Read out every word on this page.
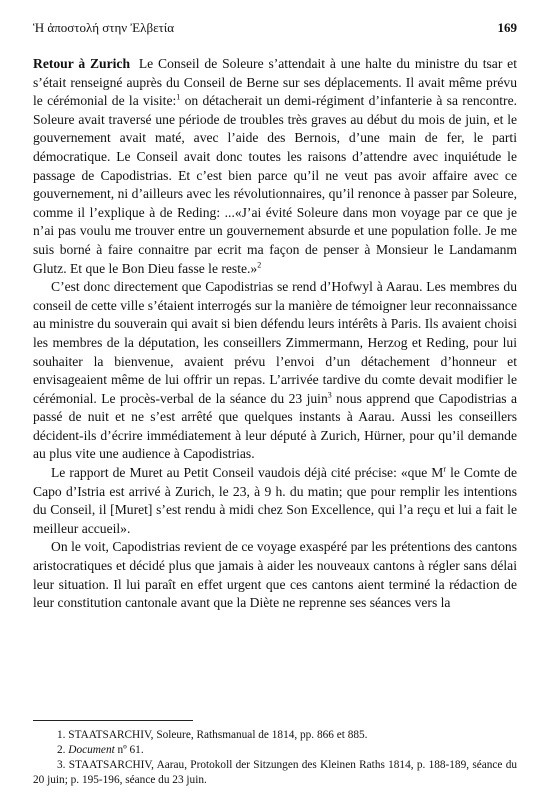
Ἡ ἀποστολή στην Ἐλβετία	169

Retour à Zurich Le Conseil de Soleure s’attendait à une halte du ministre du tsar et s’était renseigné auprès du Conseil de Berne sur ses déplacements. Il avait même prévu le cérémonial de la visite:$^1$ on détacherait un demi-régiment d’infanterie à sa rencontre. Soleure avait traversé une période de troubles très graves au début du mois de juin, et le gouvernement avait maté, avec l’aide des Bernois, d’une main de fer, le parti démocratique. Le Conseil avait donc toutes les raisons d’attendre avec inquiétude le passage de Capodistrias. Et c’est bien parce qu’il ne veut pas avoir affaire avec ce gouvernement, ni d’ailleurs avec les révolutionnaires, qu’il renonce à passer par Soleure, comme il l’explique à de Reding: ...«J’ai évité Soleure dans mon voyage par ce que je n’ai pas voulu me trouver entre un gouvernement absurde et une population folle. Je me suis borné à faire connaitre par ecrit ma façon de penser à Monsieur le Landamanm Glutz. Et que le Bon Dieu fasse le reste.»$^2$

C’est donc directement que Capodistrias se rend d’Hofwyl à Aarau. Les membres du conseil de cette ville s’étaient interrogés sur la manière de témoigner leur reconnaissance au ministre du souverain qui avait si bien défendu leurs intérêts à Paris. Ils avaient choisi les membres de la députation, les conseillers Zimmermann, Herzog et Reding, pour lui souhaiter la bienvenue, avaient prévu l’envoi d’un détachement d’honneur et envisageaient même de lui offrir un repas. L’arrivée tardive du comte devait modifier le cérémonial. Le procès-verbal de la séance du 23 juin$^3$ nous apprend que Capodistrias a passé de nuit et ne s’est arrêté que quelques instants à Aarau. Aussi les conseillers décident-ils d’écrire immédiatement à leur député à Zurich, Hürner, pour qu’il demande au plus vite une audience à Capodistrias.

Le rapport de Muret au Petit Conseil vaudois déjà cité précise: «que $M^r$ le Comte de Capo d’Istria est arrivé à Zurich, le 23, à 9 h. du matin; que pour remplir les intentions du Conseil, il [Muret] s’est rendu à midi chez Son Excellence, qui l’a reçu et lui a fait le meilleur accueil».

On le voit, Capodistrias revient de ce voyage exaspéré par les prétentions des cantons aristocratiques et décidé plus que jamais à aider les nouveaux cantons à régler sans délai leur situation. Il lui paraît en effet urgent que ces cantons aient terminé la rédaction de leur constitution cantonale avant que la Diète ne reprenne ses séances vers la

1. STAATSARCHIV, Soleure, Rathsmanual de 1814, pp. 866 et 885.

2. Document nº 61.

3. STAATSARCHIV, Aarau, Protokoll der Sitzungen des Kleinen Raths 1814, p. 188-189, séance du 20 juin; p. 195-196, séance du 23 juin.
